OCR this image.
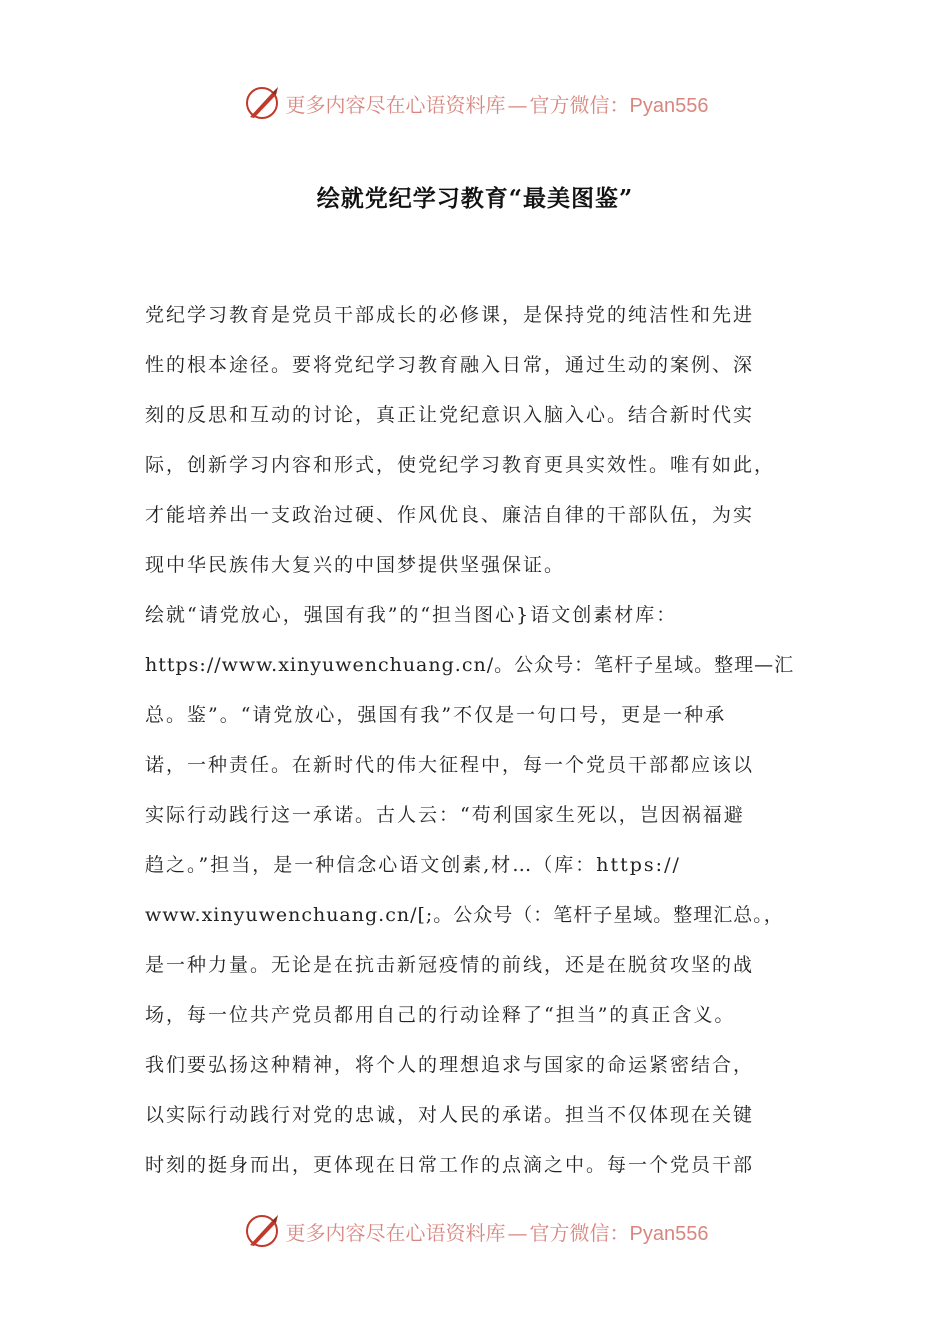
更多内容尽在心语资料库 — 官方微信：Pyan556
绘就党纪学习教育“最美图鉴”
党纪学习教育是党员干部成长的必修课，是保持党的纯洁性和先进
性的根本途径。要将党纪学习教育融入日常，通过生动的案例、深
刻的反思和互动的讨论，真正让党纪意识入脑入心。结合新时代实
际，创新学习内容和形式，使党纪学习教育更具实效性。唯有如此，
才能培养出一支政治过硬、作风优良、廉洁自律的干部队伍，为实
现中华民族伟大复兴的中国梦提供坚强保证。
绘就“请党放心，强国有我”的“担当图心}语文创素材库：
https://www.xinyuwenchuang.cn/。公众号：笔杆子星域。整理—汇
总。鉴”。“请党放心，强国有我”不仅是一句口号，更是一种承
诺，一种责任。在新时代的伟大征程中，每一个党员干部都应该以
实际行动践行这一承诺。古人云：“苟利国家生死以，岂因祸福避
趋之。”担当，是一种信念心语文创素,材…（库：https://
www.xinyuwenchuang.cn/[;。公众号（：笔杆子星域。整理汇总。，
是一种力量。无论是在抗击新冠疫情的前线，还是在脱贫攻坚的战
场，每一位共产党员都用自己的行动诠释了“担当”的真正含义。
我们要弘扬这种精神，将个人的理想追求与国家的命运紧密结合，
以实际行动践行对党的忠诚，对人民的承诺。担当不仅体现在关键
时刻的挺身而出，更体现在日常工作的点滴之中。每一个党员干部
更多内容尽在心语资料库 — 官方微信：Pyan556
